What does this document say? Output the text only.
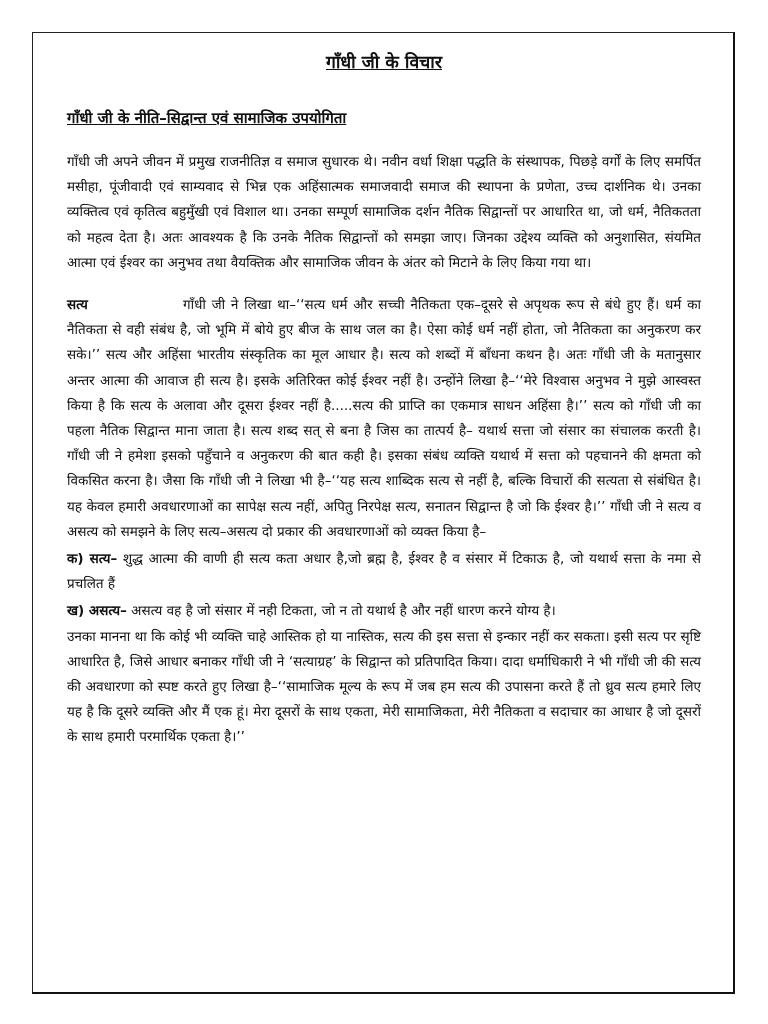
गाँधी जी के विचार
गाँधी जी के नीति–सिद्वान्त एवं सामाजिक उपयोगिता

गाँधी जी अपने जीवन में प्रमुख राजनीतिज्ञ व समाज सुधारक थे। नवीन वर्धा शिक्षा पद्धति के संस्थापक, पिछड़े वर्गों के लिए समर्पित मसीहा, पूंजीवादी एवं साम्यवाद से भिन्न एक अहिंसात्मक समाजवादी समाज की स्थापना के प्रणेता, उच्च दार्शनिक थे। उनका व्यक्तित्व एवं कृतित्व बहुमुँखी एवं विशाल था। उनका सम्पूर्ण सामाजिक दर्शन नैतिक सिद्वान्तों पर आधारित था, जो धर्म, नैतिकतता को महत्व देता है। अतः आवश्यक है कि उनके नैतिक सिद्वान्तों को समझा जाए। जिनका उद्देश्य व्यक्ति को अनुशासित, संयमित आत्मा एवं ईश्वर का अनुभव तथा वैयक्तिक और सामाजिक जीवन के अंतर को मिटाने के लिए किया गया था।

सत्य	गाँधी जी ने लिखा था–‘‘सत्य धर्म और सच्ची नैतिकता एक–दूसरे से अपृथक रूप से बंधे हुए हैं। धर्म का नैतिकता से वही संबंध है, जो भूमि में बोये हुए बीज के साथ जल का है। ऐसा कोई धर्म नहीं होता, जो नैतिकता का अनुकरण कर सके।’’ सत्य और अहिंसा भारतीय संस्कृतिक का मूल आधार है। सत्य को शब्दों में बाँधना कथन है। अतः गाँधी जी के मतानुसार अन्तर आत्मा की आवाज ही सत्य है। इसके अतिरिक्त कोई ईश्वर नहीं है। उन्होंने लिखा है–‘‘मेरे विश्वास अनुभव ने मुझे आस्वस्त किया है कि सत्य के अलावा और दूसरा ईश्वर नहीं है.....सत्य की प्राप्ति का एकमात्र साधन अहिंसा है।’’ सत्य को गाँधी जी का पहला नैतिक सिद्वान्त माना जाता है। सत्य शब्द सत् से बना है जिस का तात्पर्य है– यथार्थ सत्ता जो संसार का संचालक करती है। गाँधी जी ने हमेशा इसको पहुँचाने व अनुकरण की बात कही है। इसका संबंध व्यक्ति यथार्थ में सत्ता को पहचानने की क्षमता को विकसित करना है। जैसा कि गाँधी जी ने लिखा भी है–‘‘यह सत्य शाब्दिक सत्य से नहीं है, बल्कि विचारों की सत्यता से संबंधित है। यह केवल हमारी अवधारणाओं का सापेक्ष सत्य नहीं, अपितु निरपेक्ष सत्य, सनातन सिद्वान्त है जो कि ईश्वर है।’’ गाँधी जी ने सत्य व असत्य को समझने के लिए सत्य–असत्य दो प्रकार की अवधारणाओं को व्यक्त किया है–

क) सत्य– शुद्ध आत्मा की वाणी ही सत्य कता अधार है,जो ब्रह्म है, ईश्वर है व संसार में टिकाऊ है, जो यथार्थ सत्ता के नमा से प्रचलित हैं

ख) असत्य– असत्य वह है जो संसार में नही टिकता, जो न तो यथार्थ है और नहीं धारण करने योग्य है।

उनका मानना था कि कोई भी व्यक्ति चाहे आस्तिक हो या नास्तिक, सत्य की इस सत्ता से इन्कार नहीं कर सकता। इसी सत्य पर सृष्टि आधारित है, जिसे आधार बनाकर गाँधी जी ने ‘सत्याग्रह’ के सिद्वान्त को प्रतिपादित किया। दादा धर्माधिकारी ने भी गाँधी जी की सत्य की अवधारणा को स्पष्ट करते हुए लिखा है–‘‘सामाजिक मूल्य के रूप में जब हम सत्य की उपासना करते हैं तो ध्रुव सत्य हमारे लिए यह है कि दूसरे व्यक्ति और मैं एक हूं। मेरा दूसरों के साथ एकता, मेरी सामाजिकता, मेरी नैतिकता व सदाचार का आधार है जो दूसरों के साथ हमारी परमार्थिक एकता है।’’
